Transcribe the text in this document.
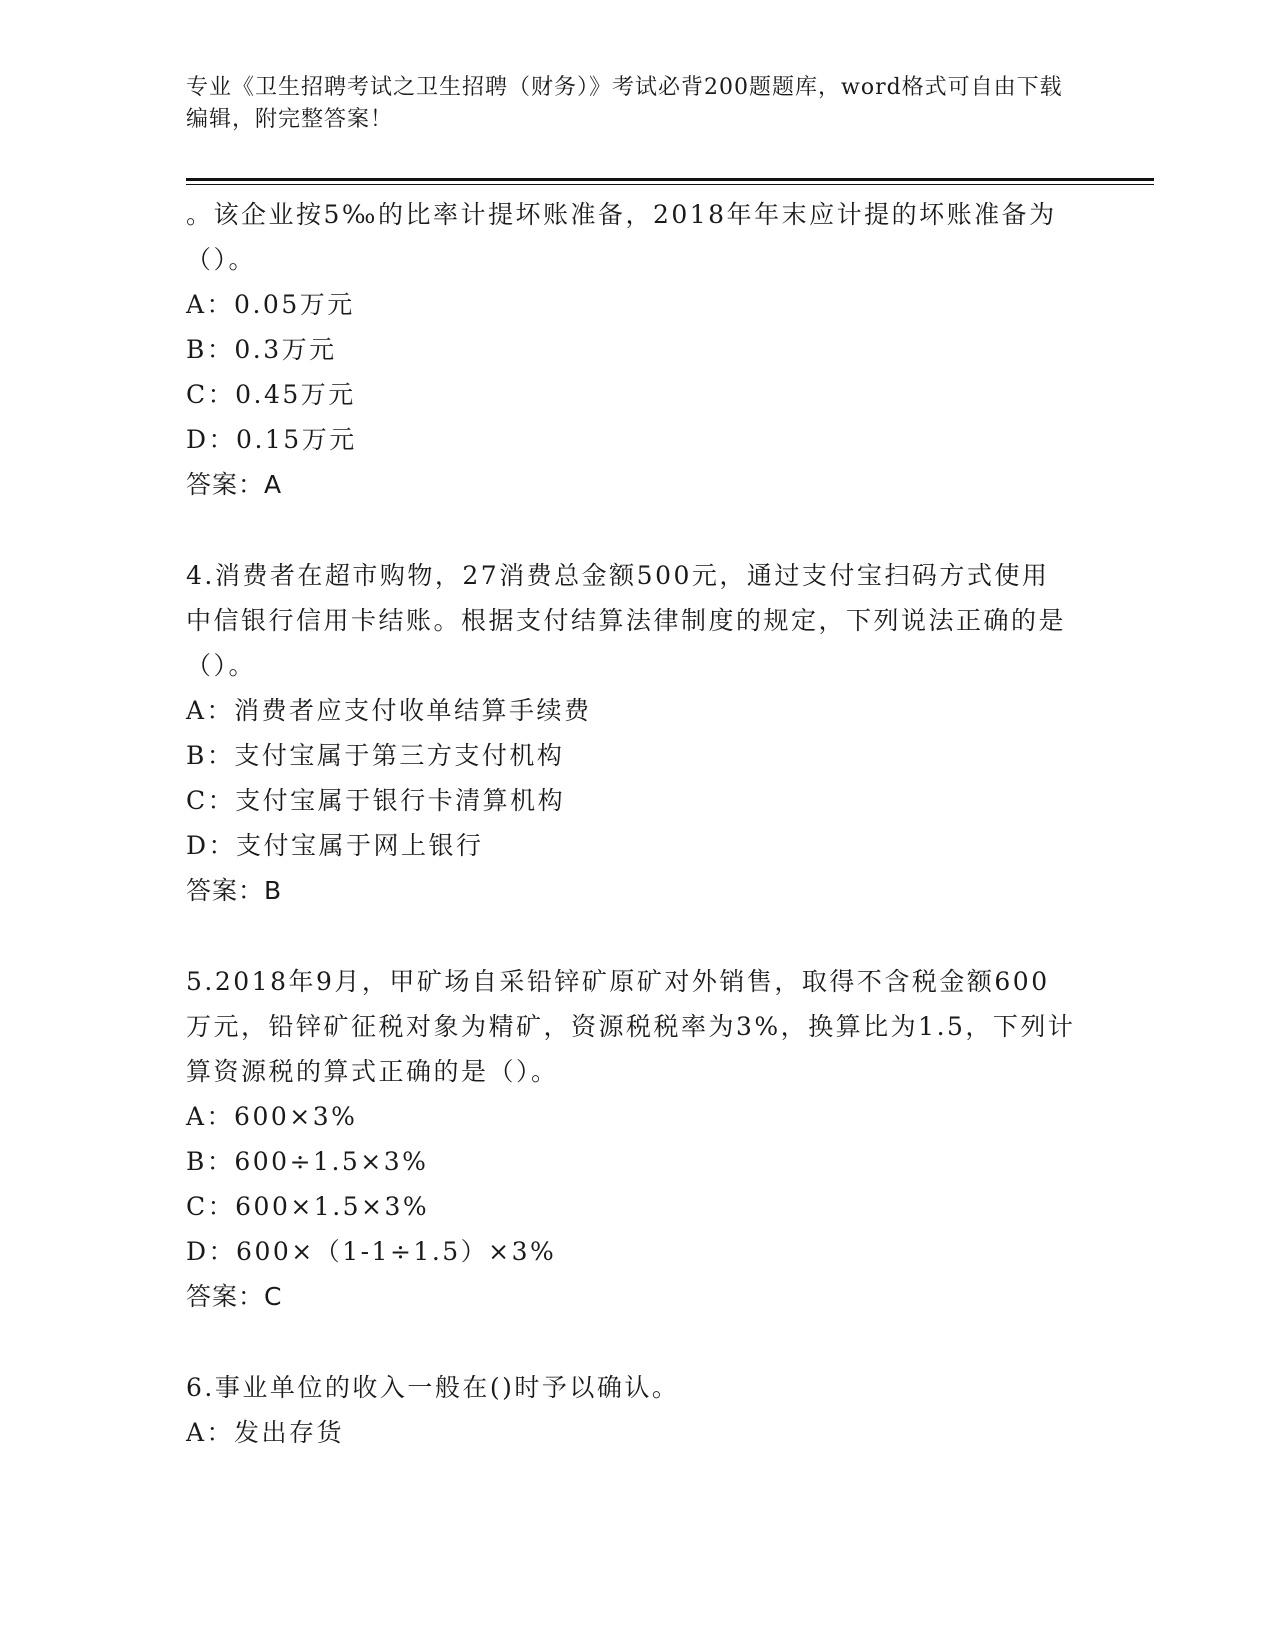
专业《卫生招聘考试之卫生招聘（财务）》考试必背200题题库，word格式可自由下载编辑，附完整答案！

。该企业按5‰的比率计提坏账准备，2018年年末应计提的坏账准备为（）。

A：0.05万元

B：0.3万元

C：0.45万元

D：0.15万元

答案：A

4.消费者在超市购物，27消费总金额500元，通过支付宝扫码方式使用中信银行信用卡结账。根据支付结算法律制度的规定，下列说法正确的是（）。

A：消费者应支付收单结算手续费

B：支付宝属于第三方支付机构

C：支付宝属于银行卡清算机构

D：支付宝属于网上银行

答案：B

5.2018年9月，甲矿场自采铅锌矿原矿对外销售，取得不含税金额600万元，铅锌矿征税对象为精矿，资源税税率为3%，换算比为1.5，下列计算资源税的算式正确的是（）。

A：600×3%

B：600÷1.5×3%

C：600×1.5×3%

D：600×（1-1÷1.5）×3%

答案：C

6.事业单位的收入一般在()时予以确认。

A：发出存货
